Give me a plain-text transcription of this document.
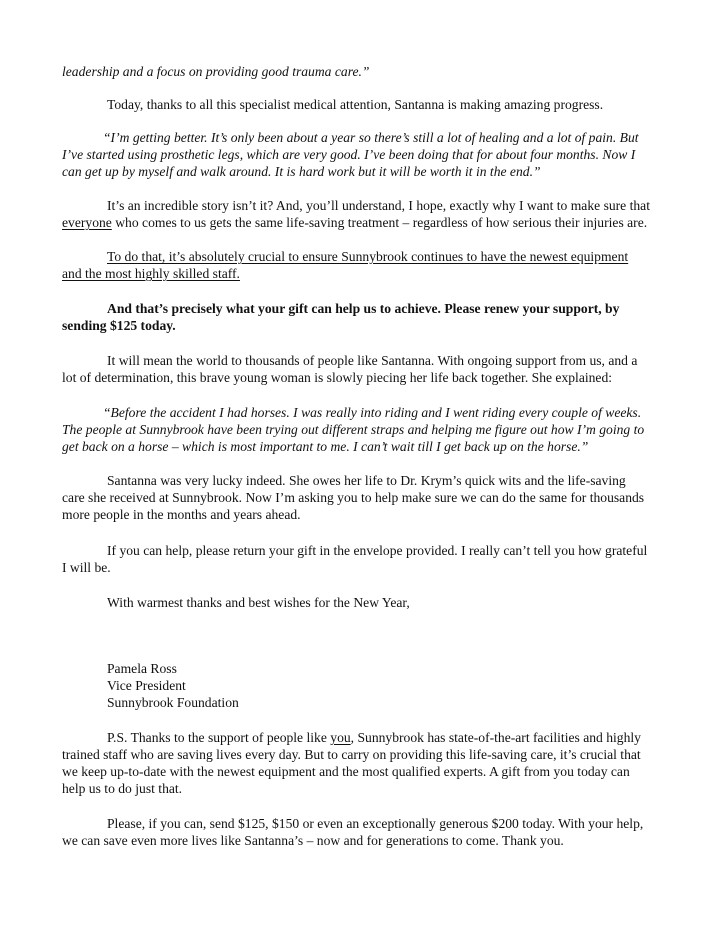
leadership and a focus on providing good trauma care.”
Today, thanks to all this specialist medical attention, Santanna is making amazing progress.
“I’m getting better. It’s only been about a year so there’s still a lot of healing and a lot of pain. But
I’ve started using prosthetic legs, which are very good. I’ve been doing that for about four months. Now I
can get up by myself and walk around. It is hard work but it will be worth it in the end.”
It’s an incredible story isn’t it? And, you’ll understand, I hope, exactly why I want to make sure that
everyone who comes to us gets the same life-saving treatment – regardless of how serious their injuries are.
To do that, it’s absolutely crucial to ensure Sunnybrook continues to have the newest equipment
and the most highly skilled staff.
And that’s precisely what your gift can help us to achieve. Please renew your support, by
sending $125 today.
It will mean the world to thousands of people like Santanna. With ongoing support from us, and a
lot of determination, this brave young woman is slowly piecing her life back together. She explained:
“Before the accident I had horses. I was really into riding and I went riding every couple of weeks.
The people at Sunnybrook have been trying out different straps and helping me figure out how I’m going to
get back on a horse – which is most important to me. I can’t wait till I get back up on the horse.”
Santanna was very lucky indeed. She owes her life to Dr. Krym’s quick wits and the life-saving
care she received at Sunnybrook. Now I’m asking you to help make sure we can do the same for thousands
more people in the months and years ahead.
If you can help, please return your gift in the envelope provided. I really can’t tell you how grateful
I will be.
With warmest thanks and best wishes for the New Year,
Pamela Ross
Vice President
Sunnybrook Foundation
P.S. Thanks to the support of people like you, Sunnybrook has state-of-the-art facilities and highly
trained staff who are saving lives every day. But to carry on providing this life-saving care, it’s crucial that
we keep up-to-date with the newest equipment and the most qualified experts. A gift from you today can
help us to do just that.
Please, if you can, send $125, $150 or even an exceptionally generous $200 today. With your help,
we can save even more lives like Santanna’s – now and for generations to come. Thank you.
